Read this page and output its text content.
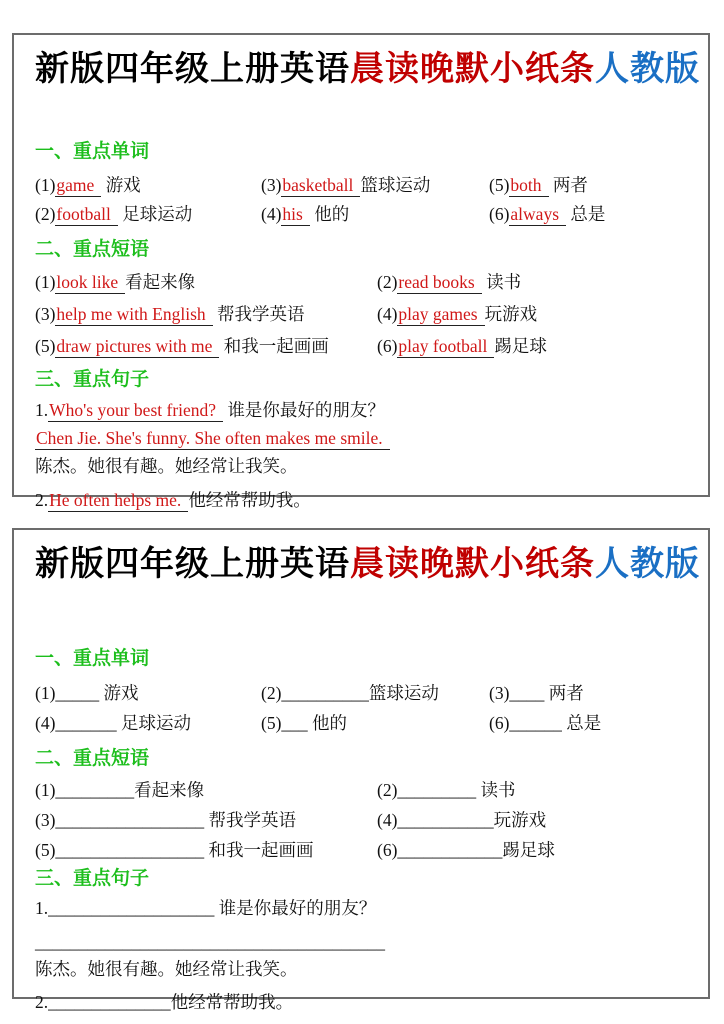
新版四年级上册英语晨读晚默小纸条人教版
一、重点单词
(1)game 游戏	(3)basketball 篮球运动	(5)both 两者
(2)football 足球运动	(4)his 他的	(6)always 总是
二、重点短语
(1)look like 看起来像	(2)read books 读书
(3)help me with English 帮我学英语	(4)play games 玩游戏
(5)draw pictures with me 和我一起画画	(6)play football 踢足球
三、重点句子
1.Who's your best friend? 谁是你最好的朋友？
Chen Jie. She's funny. She often makes me smile.
陈杰。她很有趣。她经常让我笑。
2.He often helps me. 他经常帮助我。
新版四年级上册英语晨读晚默小纸条人教版
一、重点单词
(1)_____ 游戏	(2)__________篮球运动	(3)____ 两者
(4)_______ 足球运动	(5)___ 他的	(6)______ 总是
二、重点短语
(1)_________看起来像	(2)_________ 读书
(3)_________________ 帮我学英语	(4)___________玩游戏
(5)_________________ 和我一起画画	(6)____________踢足球
三、重点句子
1.___________________ 谁是你最好的朋友？
________________________________________
陈杰。她很有趣。她经常让我笑。
2.______________他经常帮助我。
